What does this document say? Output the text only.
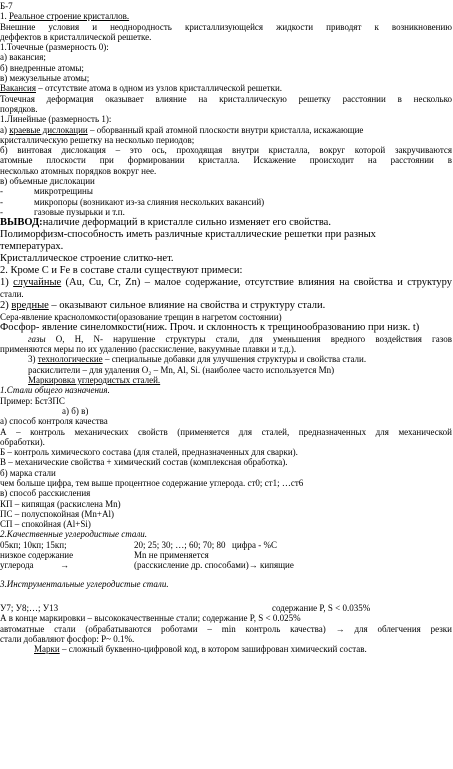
Б-7
1. Реальное строение кристаллов.
Внешние условия и неоднородность кристаллизующейся жидкости приводят к возникновению
деффектов в кристаллической решетке.
1.Точечные (размерность 0):
а) вакансия;
б) внедренные атомы;
в) межузельные атомы;
Вакансия – отсутствие атома в одном из узлов кристаллической решетки.
Точечная деформация оказывает влияние на кристаллическую решетку расстоянии в несколько
порядков.
1.Линейные (размерность 1):
а) краевые дислокации – оборванный край атомной плоскости внутри кристалла, искажающие
кристаллическую решетку на несколько периодов;
б) винтовая дислокация – это ось, проходящая внутри кристалла, вокруг которой закручиваются
атомные плоскости при формировании кристалла. Искажение происходит на расстоянии в
несколько атомных порядков вокруг нее.
в) объемные дислокации
-	микротрещины
-	микропоры (возникают из-за слияния нескольких вакансий)
-	газовые пузырьки и т.п.
ВЫВОД:наличие деформаций в кристалле сильно изменяет его свойства.
Полиморфизм-способность иметь различные кристаллические решетки при разных
температурах.
Кристаллическое строение слитко-нет.
2. Кроме C и Fe в составе стали существуют примеси:
1) случайные (Au, Cu, Cr, Zn) – малое содержание, отсутствие влияния на свойства и структуру
стали.
2) вредные – оказывают сильное влияние на свойства и структуру стали.
Сера-явление красноломкости(оразование трещин в нагретом состоянии)
Фосфор- явление синеломкости(ниж. Проч. и склонность к трещинообразованию при низк. t)
газы O, H, N- нарушение структуры стали, для уменьшения вредного воздействия газов
применяются меры по их удалению (расскисление, вакуумные плавки и т.д.).
3) технологические – специальные добавки для улучшения структуры и свойства стали.
раскислители – для удаления O₂ – Mn, Al, Si. (наиболее часто используется Mn)
Маркировка углеродистых сталей.
1.Стали общего назначения.
Пример: БстЗПС
а) б) в)
а) способ контроля качества
А – контроль механических свойств (применяется для сталей, предназначенных для механической
обработки).
Б – контроль химического состава (для сталей, предназначенных для сварки).
В – механические свойства + химический состав (комплексная обработка).
б) марка стали
чем больше цифра, тем выше процентное содержание углерода. ст0; ст1; …ст6
в) способ расскисления
КП – кипящая (раскислена Mn)
ПС – полуспокойная (Mn+Al)
СП – спокойная (Al+Si)
2.Качественные углеродистые стали.
05кп; 10кп; 15кп;	20; 25; 30; …; 60; 70; 80 цифра - %C
низкое содержание	Mn не применяется
углерода	→	(расскисление др. способами)→ кипящие
3.Инструментальные углеродистые стали.
У7; У8;…; У13	содержание P, S < 0.035%
А в конце маркировки – высококачественные стали; содержание P, S < 0.025%
автоматные стали (обрабатываются роботами – min контроль качества) → для облегчения резки
стали добавляют фосфор: P~ 0.1%.
Марки – сложный буквенно-цифровой код, в котором зашифрован химический состав.
